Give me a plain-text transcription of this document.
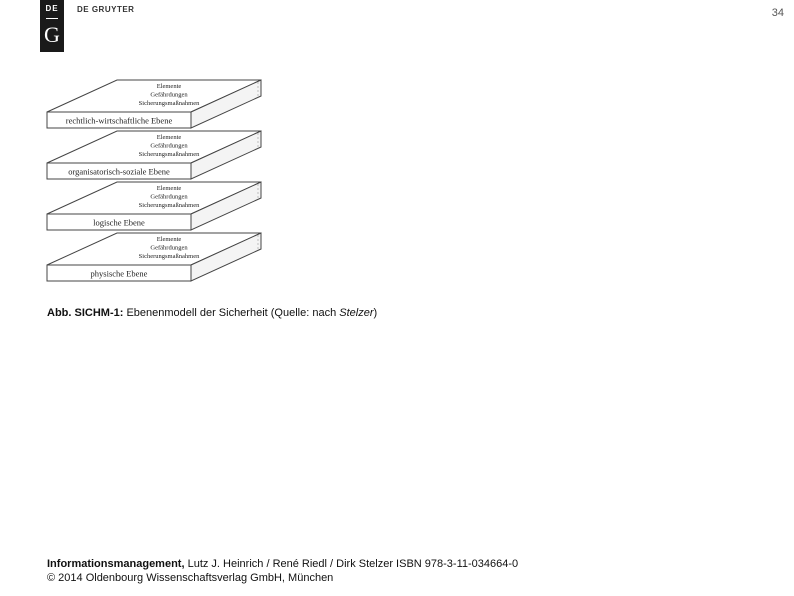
DE
G
DE GRUYTER	34
rechtlich-wirtschaftliche Ebene
Elemente
Gefährdungen
Sicherungsmaßnahmen
organisatorisch-soziale Ebene
Elemente
Gefährdungen
Sicherungsmaßnahmen
logische Ebene
Elemente
Gefährdungen
Sicherungsmaßnahmen
physische Ebene
Elemente
Gefährdungen
Sicherungsmaßnahmen
Abb. SICHM-1: Ebenenmodell der Sicherheit (Quelle: nach Stelzer)
Informationsmanagement, Lutz J. Heinrich / René Riedl / Dirk Stelzer ISBN 978-3-11-034664-0
© 2014 Oldenbourg Wissenschaftsverlag GmbH, München
